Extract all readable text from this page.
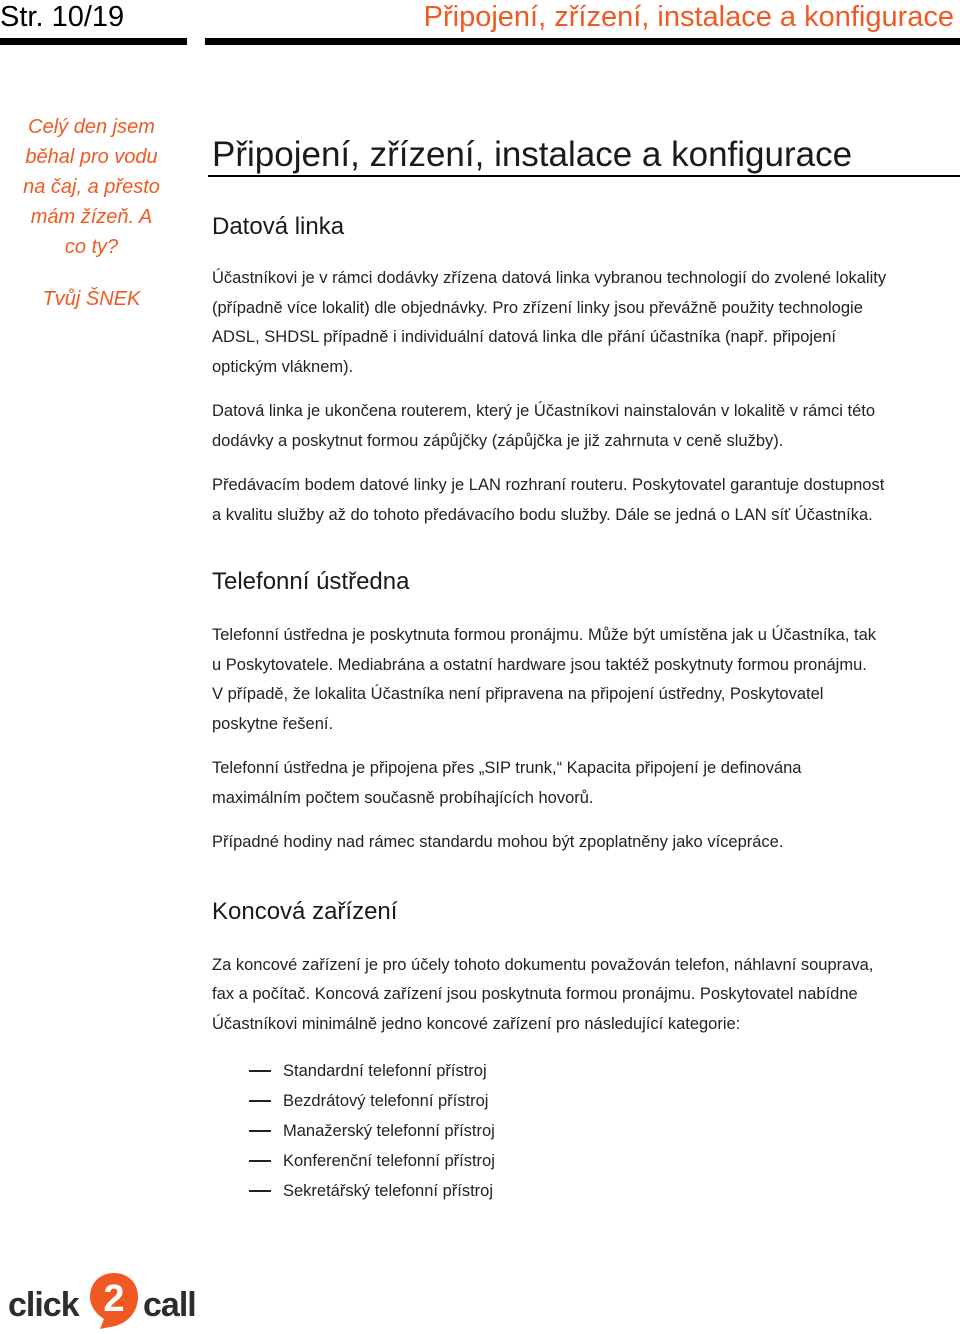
Str. 10/19	Připojení, zřízení, instalace a konfigurace
Celý den jsem
běhal pro vodu
na čaj, a přesto
mám žízeň. A
co ty?
Tvůj ŠNEK
Připojení, zřízení, instalace a konfigurace
Datová linka

Účastníkovi je v rámci dodávky zřízena datová linka vybranou technologií do zvolené lokality
(případně více lokalit) dle objednávky. Pro zřízení linky jsou převážně použity technologie
ADSL, SHDSL případně i individuální datová linka dle přání účastníka (např. připojení
optickým vláknem).

Datová linka je ukončena routerem, který je Účastníkovi nainstalován v lokalitě v rámci této
dodávky a poskytnut formou zápůjčky (zápůjčka je již zahrnuta v ceně služby).

Předávacím bodem datové linky je LAN rozhraní routeru. Poskytovatel garantuje dostupnost
a kvalitu služby až do tohoto předávacího bodu služby. Dále se jedná o LAN síť Účastníka.

Telefonní ústředna

Telefonní ústředna je poskytnuta formou pronájmu. Může být umístěna jak u Účastníka, tak
u Poskytovatele. Mediabrána a ostatní hardware jsou taktéž poskytnuty formou pronájmu.
V případě, že lokalita Účastníka není připravena na připojení ústředny, Poskytovatel
poskytne řešení.

Telefonní ústředna je připojena přes „SIP trunk,“ Kapacita připojení je definována
maximálním počtem současně probíhajících hovorů.

Případné hodiny nad rámec standardu mohou být zpoplatněny jako vícepráce.

Koncová zařízení

Za koncové zařízení je pro účely tohoto dokumentu považován telefon, náhlavní souprava,
fax a počítač. Koncová zařízení jsou poskytnuta formou pronájmu. Poskytovatel nabídne
Účastníkovi minimálně jedno koncové zařízení pro následující kategorie:

Standardní telefonní přístroj
Bezdrátový telefonní přístroj
Manažerský telefonní přístroj
Konferenční telefonní přístroj
Sekretářský telefonní přístroj
click 2 call
